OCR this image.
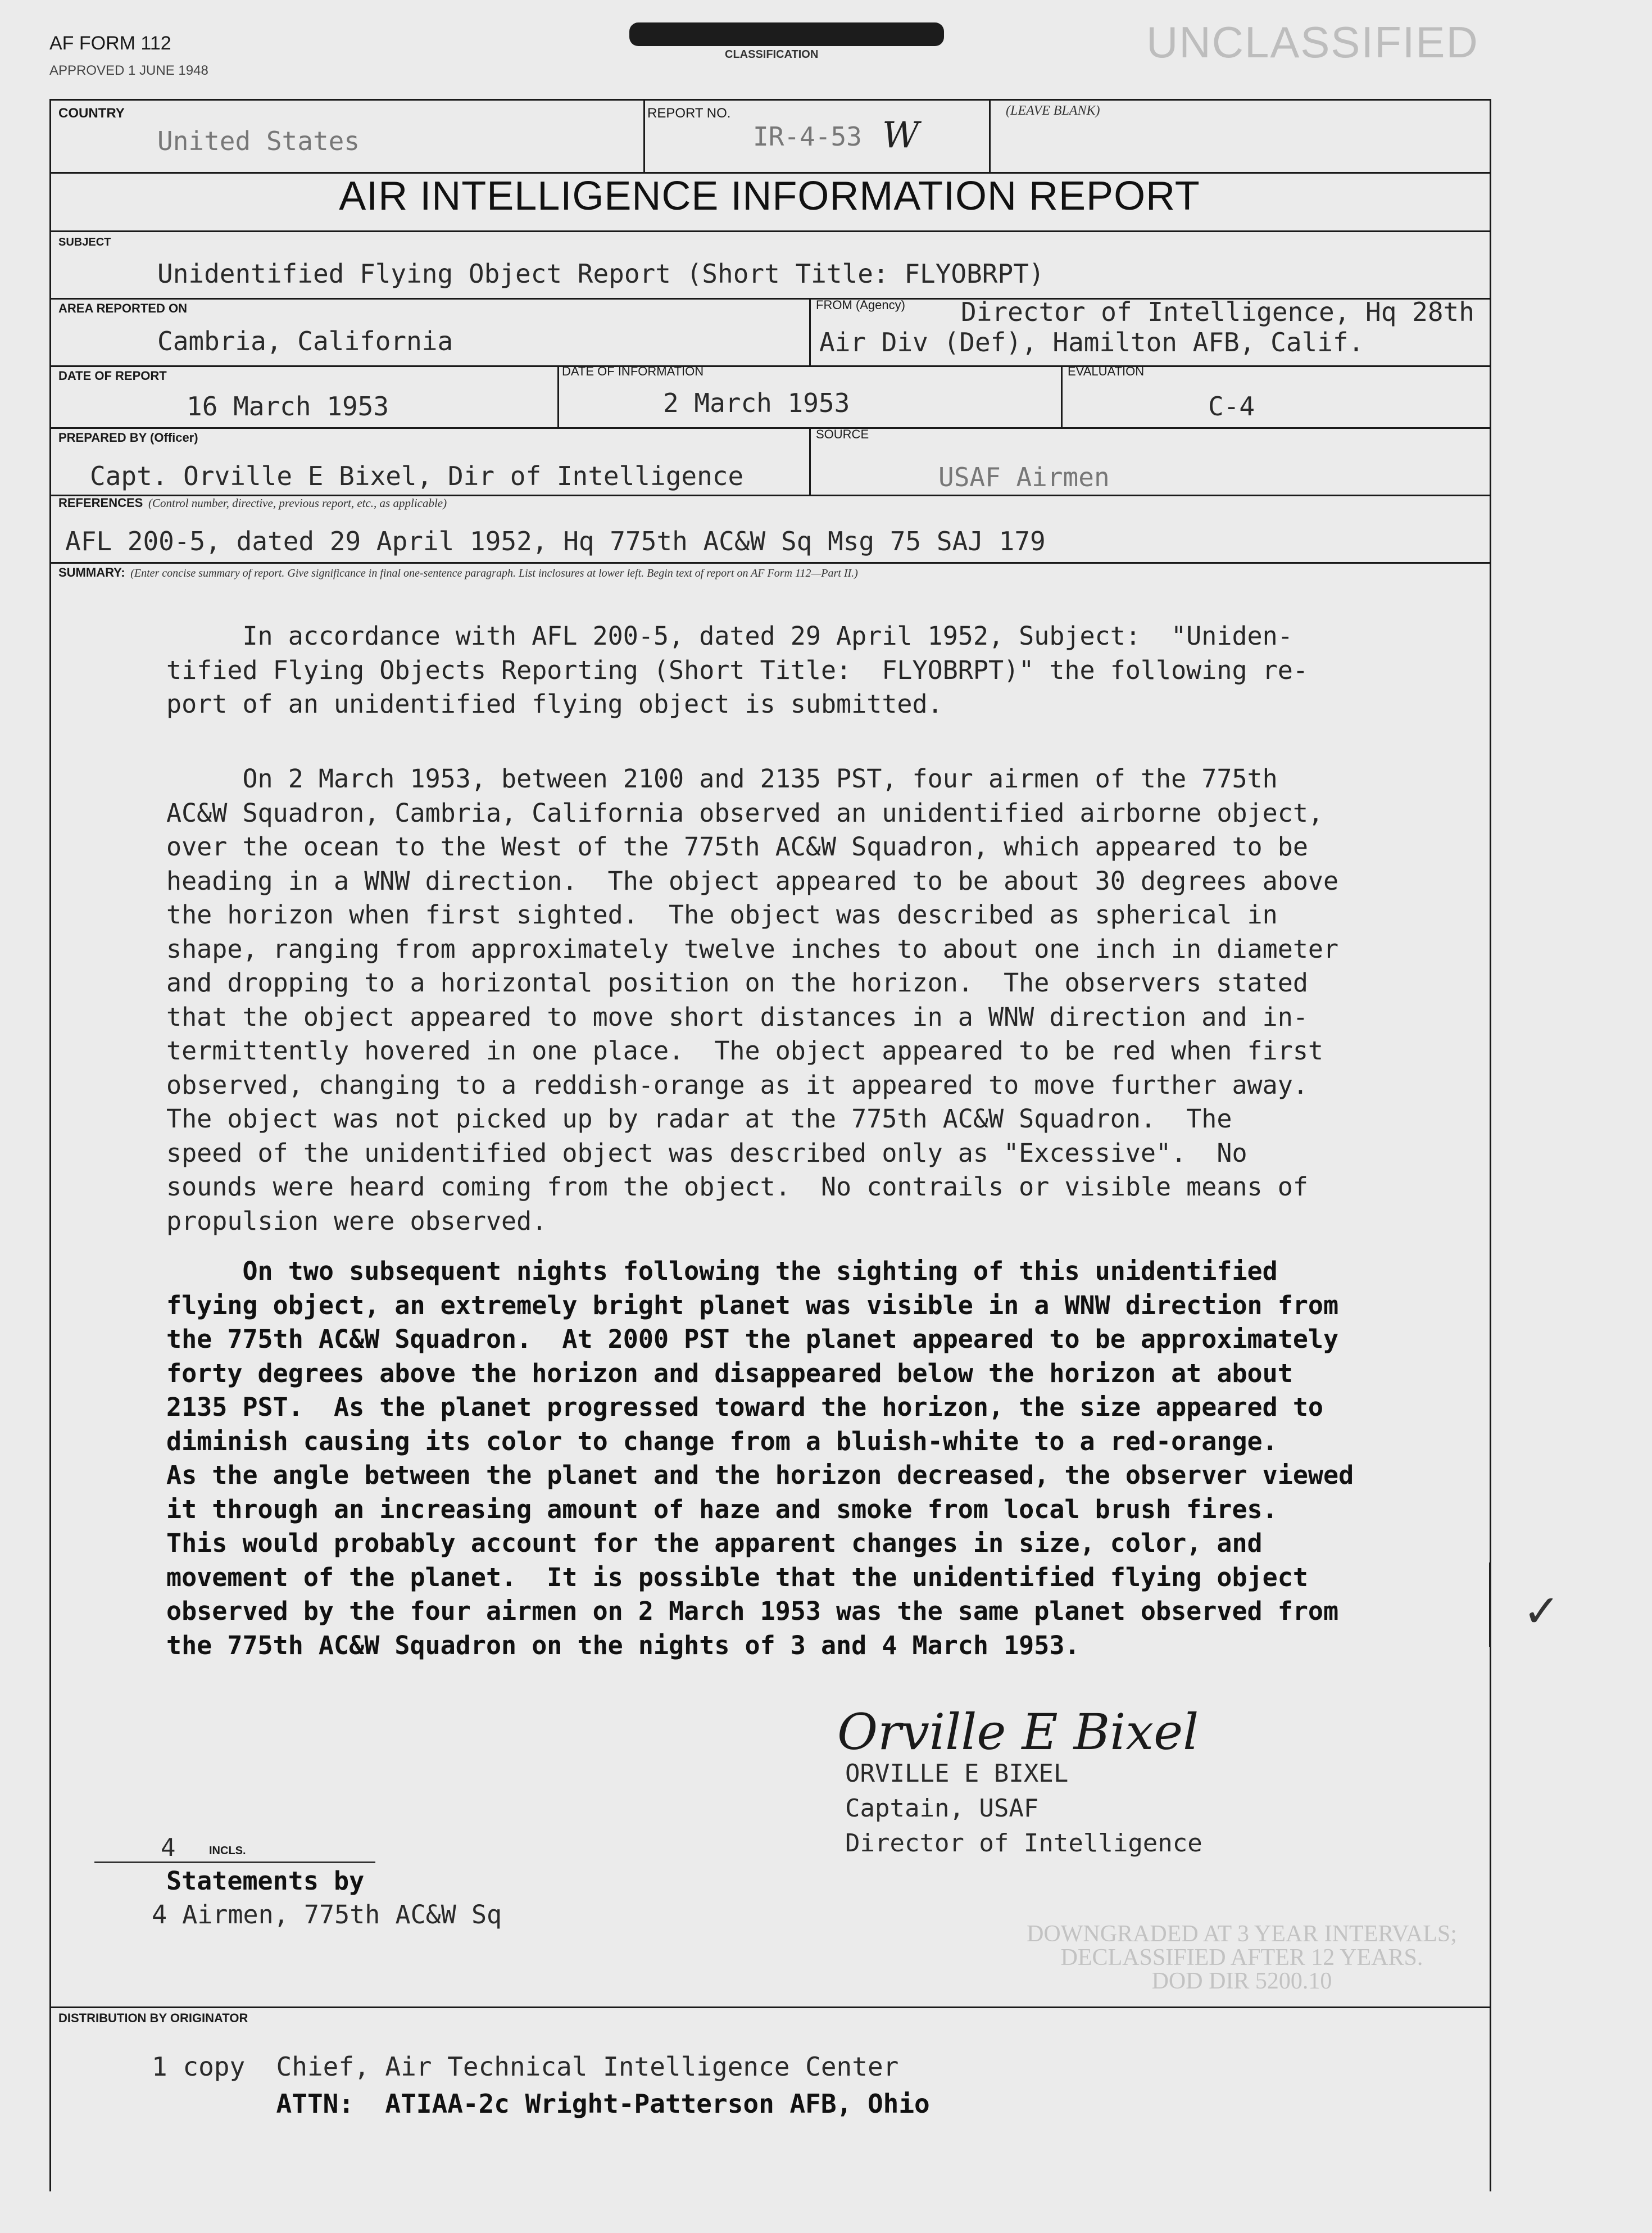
AF FORM 112
APPROVED 1 JUNE 1948
CLASSIFICATION	UNCLASSIFIED
COUNTRY
United States
REPORT NO.
IR-4-53 W
(LEAVE BLANK)
AIR INTELLIGENCE INFORMATION REPORT
SUBJECT
Unidentified Flying Object Report (Short Title: FLYOBRPT)
AREA REPORTED ON
Cambria, California
FROM (Agency) Director of Intelligence, Hq 28th
Air Div (Def), Hamilton AFB, Calif.
DATE OF REPORT
16 March 1953
DATE OF INFORMATION
2 March 1953
EVALUATION
C-4
PREPARED BY (Officer)
Capt. Orville E Bixel, Dir of Intelligence
SOURCE
USAF Airmen
REFERENCES (Control number, directive, previous report, etc., as applicable)
AFL 200-5, dated 29 April 1952, Hq 775th AC&W Sq Msg 75 SAJ 179
SUMMARY: (Enter concise summary of report. Give significance in final one-sentence paragraph. List inclosures at lower left. Begin text of report on AF Form 112—Part II.)
In accordance with AFL 200-5, dated 29 April 1952, Subject:  "Uniden-
tified Flying Objects Reporting (Short Title:  FLYOBRPT)" the following re-
port of an unidentified flying object is submitted.
On 2 March 1953, between 2100 and 2135 PST, four airmen of the 775th
AC&W Squadron, Cambria, California observed an unidentified airborne object,
over the ocean to the West of the 775th AC&W Squadron, which appeared to be
heading in a WNW direction.  The object appeared to be about 30 degrees above
the horizon when first sighted.  The object was described as spherical in
shape, ranging from approximately twelve inches to about one inch in diameter
and dropping to a horizontal position on the horizon.  The observers stated
that the object appeared to move short distances in a WNW direction and in-
termittently hovered in one place.  The object appeared to be red when first
observed, changing to a reddish-orange as it appeared to move further away.
The object was not picked up by radar at the 775th AC&W Squadron.  The
speed of the unidentified object was described only as "Excessive".  No
sounds were heard coming from the object.  No contrails or visible means of
propulsion were observed.
On two subsequent nights following the sighting of this unidentified
flying object, an extremely bright planet was visible in a WNW direction from
the 775th AC&W Squadron.  At 2000 PST the planet appeared to be approximately
forty degrees above the horizon and disappeared below the horizon at about
2135 PST.  As the planet progressed toward the horizon, the size appeared to
diminish causing its color to change from a bluish-white to a red-orange.
As the angle between the planet and the horizon decreased, the observer viewed
it through an increasing amount of haze and smoke from local brush fires.
This would probably account for the apparent changes in size, color, and
movement of the planet.  It is possible that the unidentified flying object
observed by the four airmen on 2 March 1953 was the same planet observed from
the 775th AC&W Squadron on the nights of 3 and 4 March 1953.
✓
Orville E Bixel
ORVILLE E BIXEL
Captain, USAF
Director of Intelligence
4	INCLS.
Statements by
4 Airmen, 775th AC&W Sq
DOWNGRADED AT 3 YEAR INTERVALS;
DECLASSIFIED AFTER 12 YEARS.
DOD DIR 5200.10
DISTRIBUTION BY ORIGINATOR
1 copy  Chief, Air Technical Intelligence Center
ATTN:  ATIAA-2c Wright-Patterson AFB, Ohio
